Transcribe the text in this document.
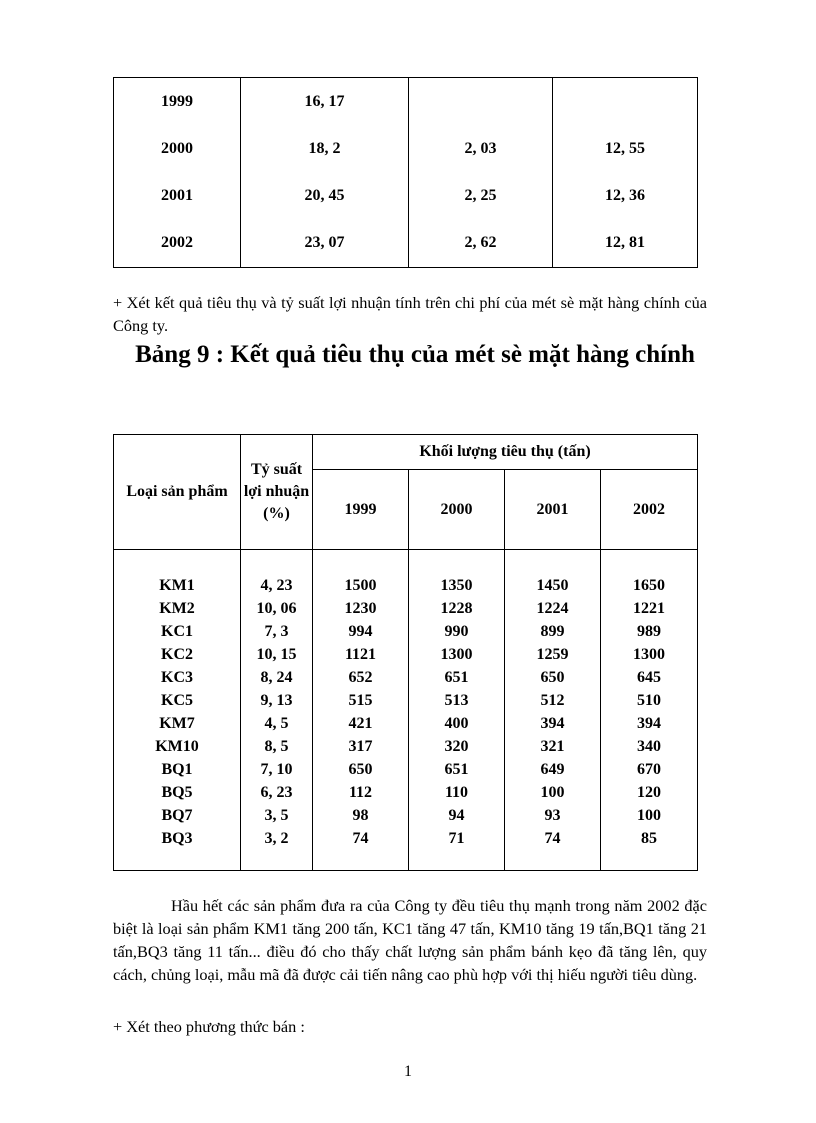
1999	16, 17		
2000	18, 2	2, 03	12, 55
2001	20, 45	2, 25	12, 36
2002	23, 07	2, 62	12, 81

+ Xét kết quả tiêu thụ và tỷ suất lợi nhuận tính trên chi phí của mét sè mặt hàng chính của Công ty.

Bảng 9 : Kết quả tiêu thụ của mét sè mặt hàng chính
Loại sản phẩm	Tỷ suất lợi nhuận (%)	Khối lượng tiêu thụ (tấn)			
		1999	2000	2001	2002

KM1	4, 23	1500	1350	1450	1650
KM2	10, 06	1230	1228	1224	1221
KC1	7, 3	994	990	899	989
KC2	10, 15	1121	1300	1259	1300
KC3	8, 24	652	651	650	645
KC5	9, 13	515	513	512	510
KM7	4, 5	421	400	394	394
KM10	8, 5	317	320	321	340
BQ1	7, 10	650	651	649	670
BQ5	6, 23	112	110	100	120
BQ7	3, 5	98	94	93	100
BQ3	3, 2	74	71	74	85

Hầu hết các sản phẩm đưa ra của Công ty đều tiêu thụ mạnh trong năm 2002 đặc biệt là loại sản phẩm KM1 tăng 200 tấn, KC1 tăng 47 tấn, KM10 tăng 19 tấn,BQ1 tăng 21 tấn,BQ3 tăng 11 tấn... điều đó cho thấy chất lượng sản phẩm bánh kẹo đã tăng lên, quy cách, chủng loại, mẫu mã đã được cải tiến nâng cao phù hợp với thị hiếu người tiêu dùng.

+ Xét theo phương thức bán :

1
